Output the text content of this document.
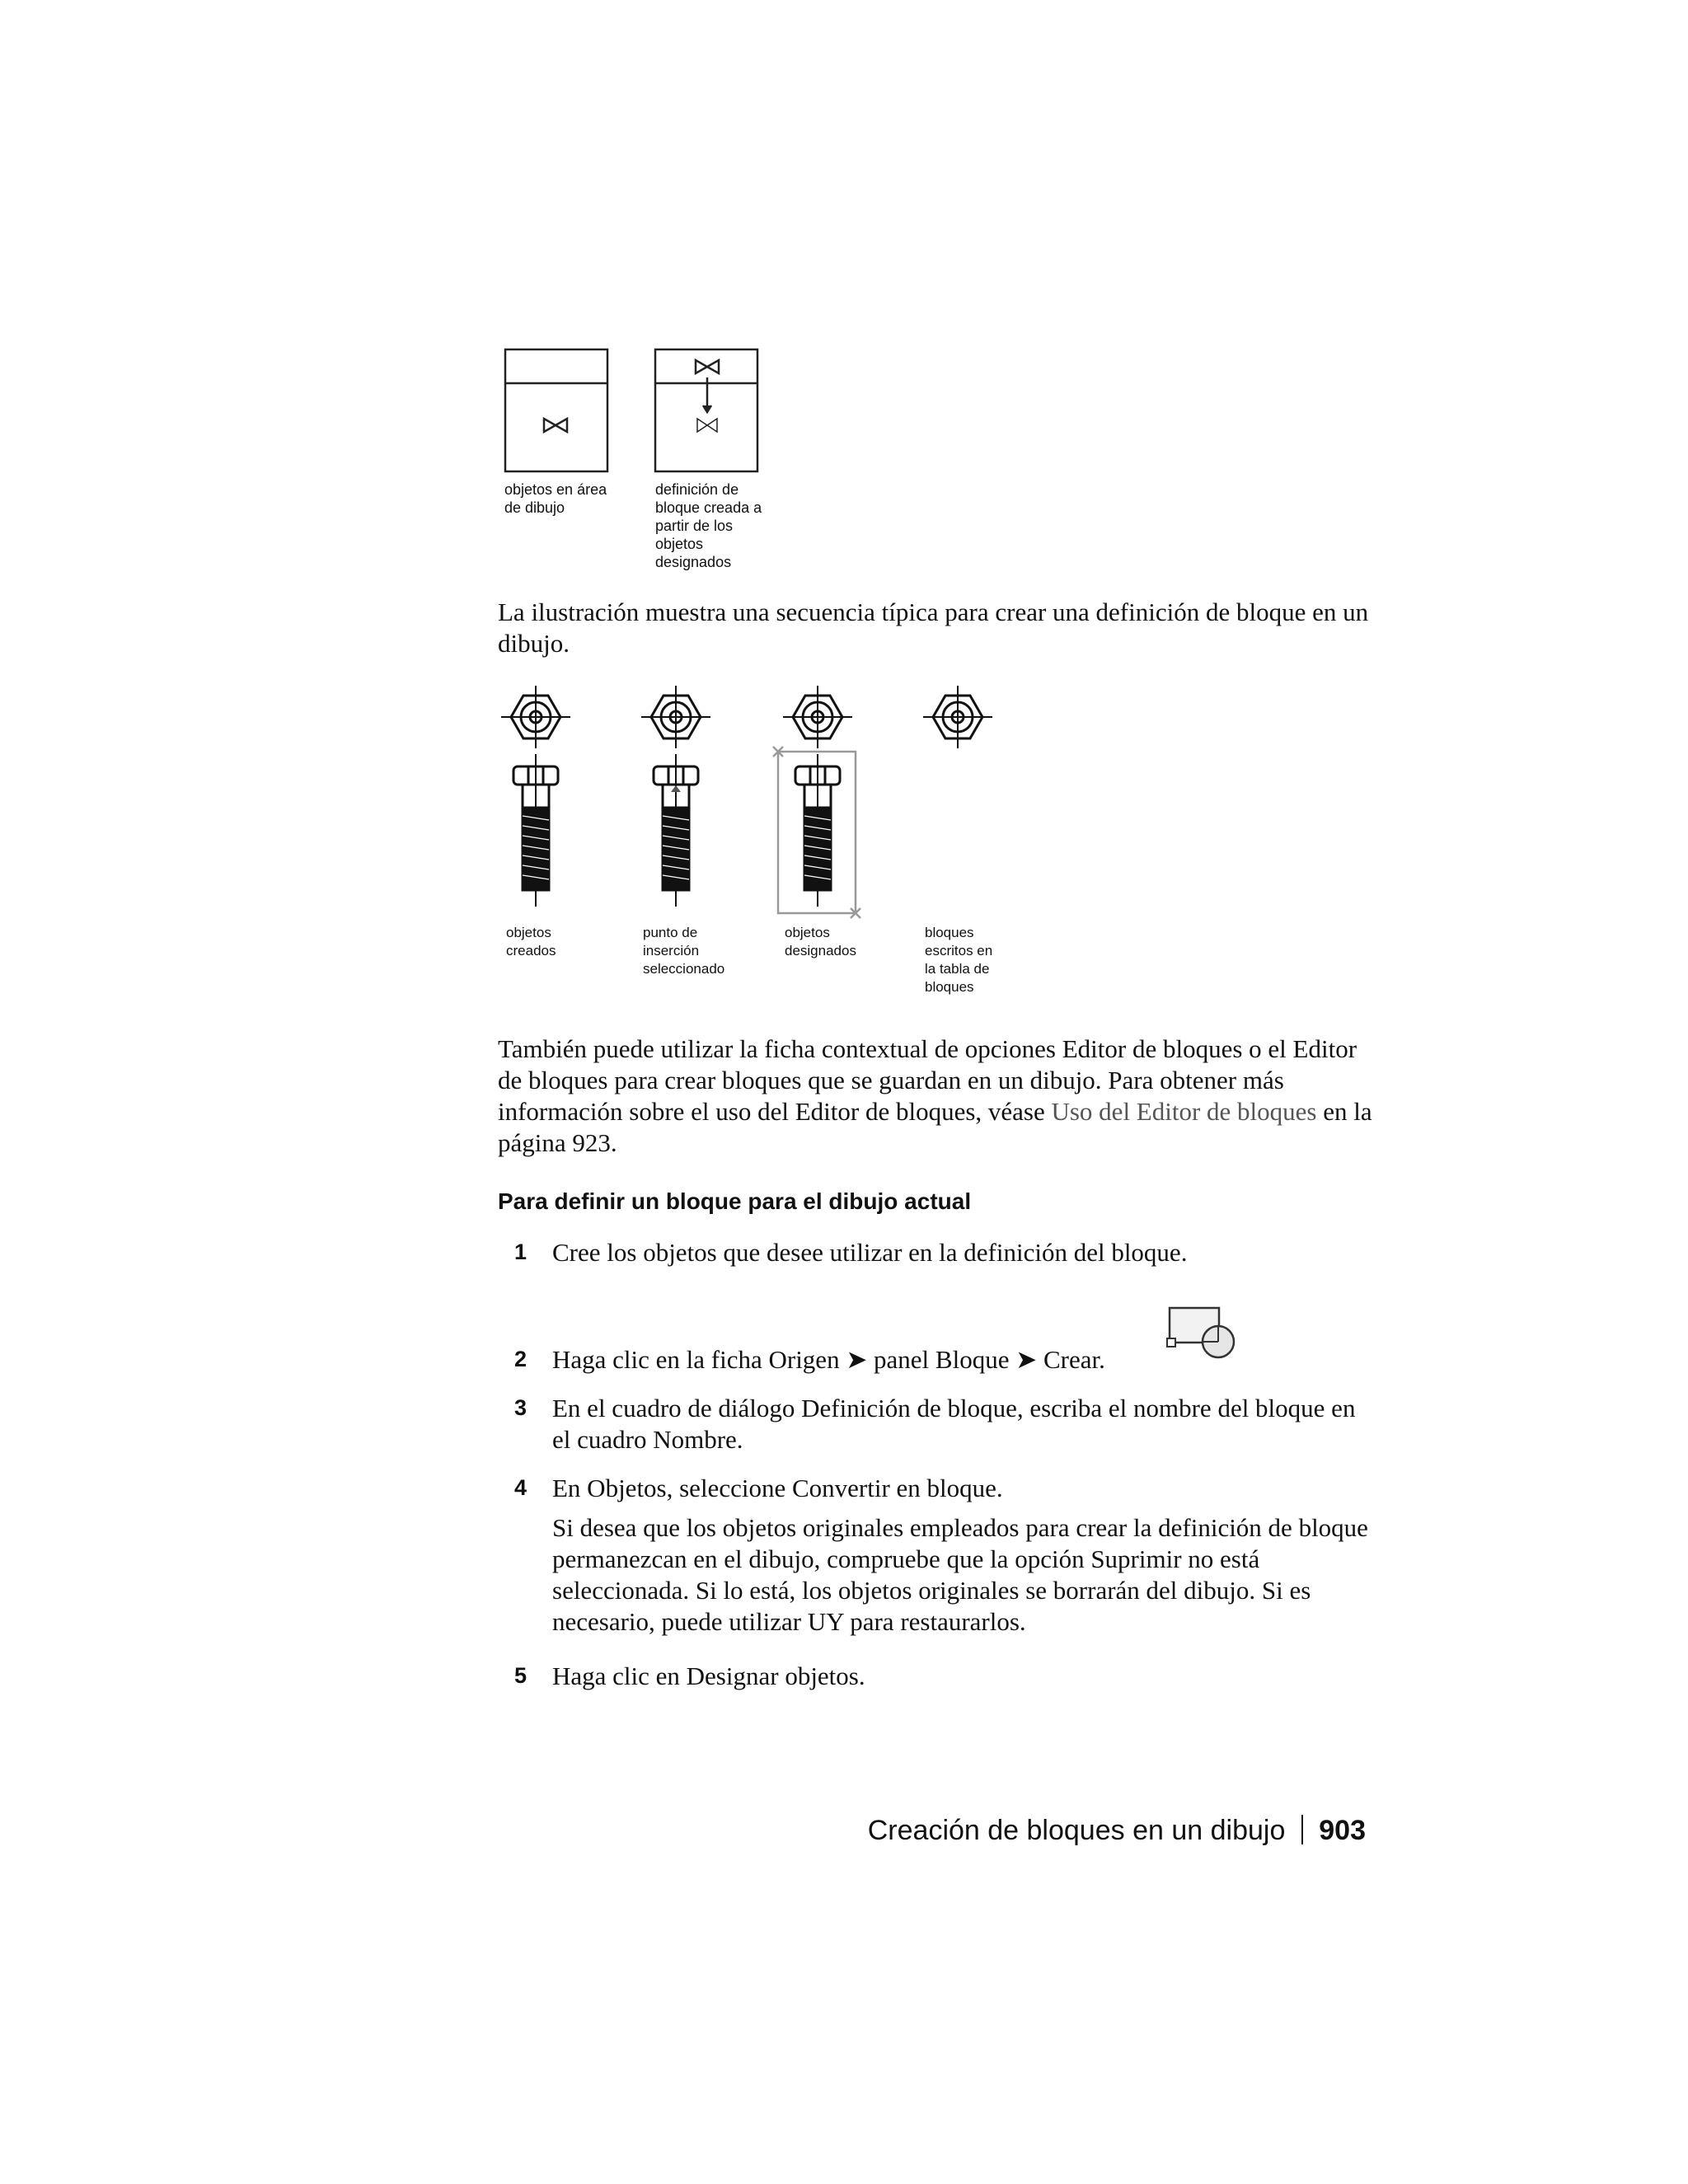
objetos en área
de dibujo
definición de
bloque creada a
partir de los
objetos
designados
La ilustración muestra una secuencia típica para crear una definición de bloque en un dibujo.
objetos
creados
punto de
inserción
seleccionado
objetos
designados
bloques
escritos en
la tabla de
bloques
También puede utilizar la ficha contextual de opciones Editor de bloques o el Editor de bloques para crear bloques que se guardan en un dibujo. Para obtener más información sobre el uso del Editor de bloques, véase Uso del Editor de bloques en la página 923.
Para definir un bloque para el dibujo actual
1 Cree los objetos que desee utilizar en la definición del bloque.
2 Haga clic en la ficha Origen ➤ panel Bloque ➤ Crear.
3 En el cuadro de diálogo Definición de bloque, escriba el nombre del bloque en el cuadro Nombre.
4 En Objetos, seleccione Convertir en bloque.
Si desea que los objetos originales empleados para crear la definición de bloque permanezcan en el dibujo, compruebe que la opción Suprimir no está seleccionada. Si lo está, los objetos originales se borrarán del dibujo. Si es necesario, puede utilizar UY para restaurarlos.
5 Haga clic en Designar objetos.
Creación de bloques en un dibujo 903
